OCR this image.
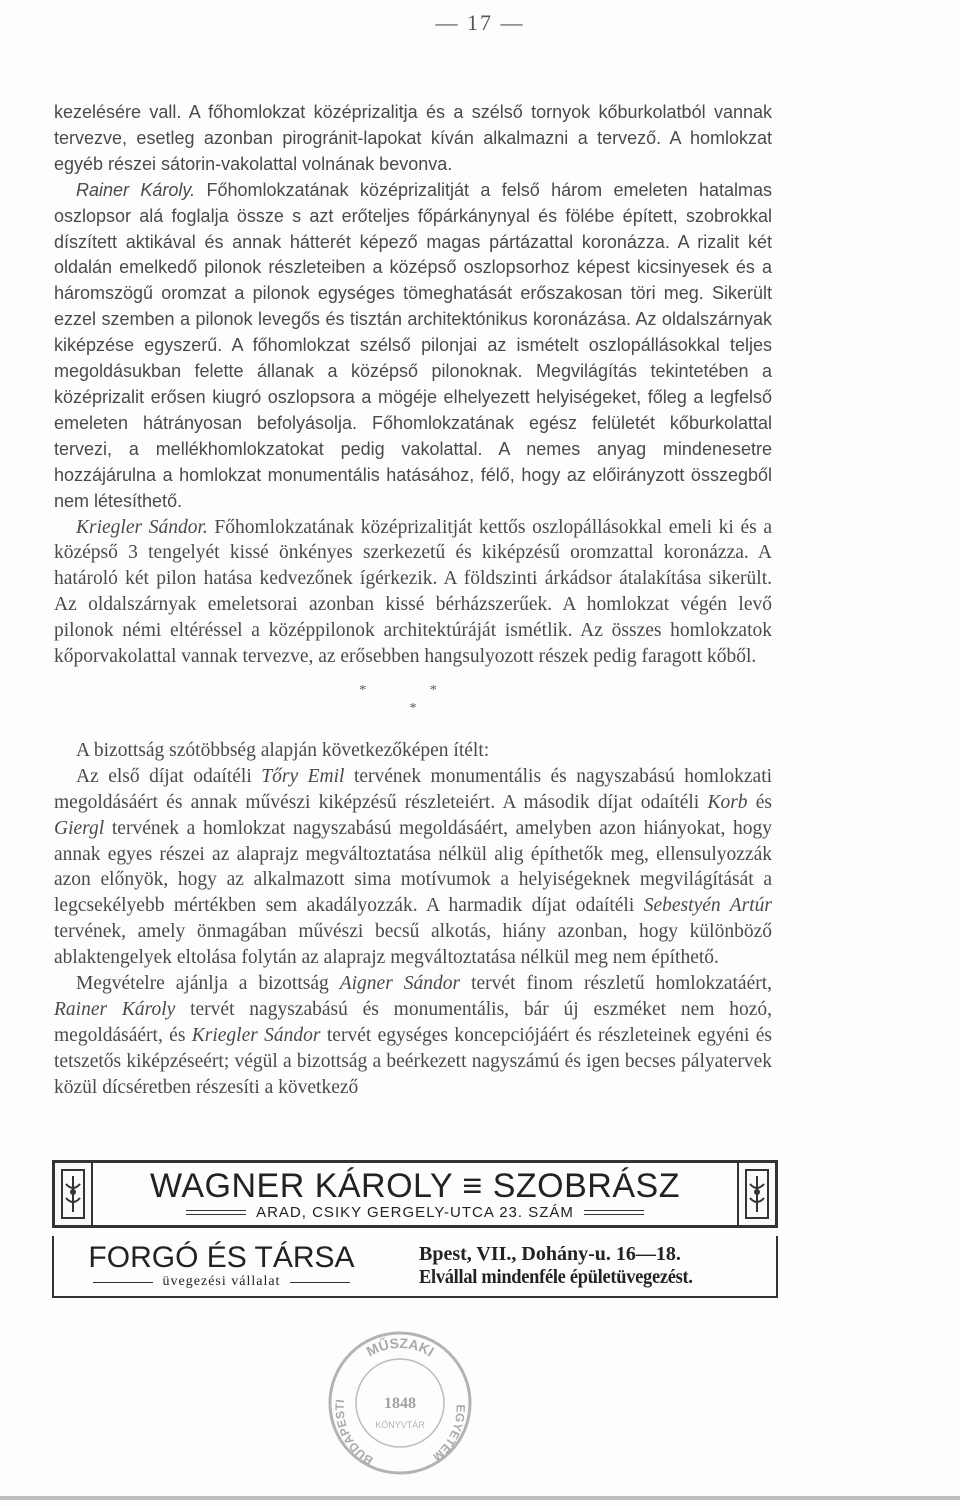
— 17 —

kezelésére vall. A főhomlokzat középrizalitja és a szélső tornyok kőburkolatból vannak tervezve, esetleg azonban pirogránit-lapokat kíván alkalmazni a tervező. A homlokzat egyéb részei sátorin-vakolattal volnának bevonva.

Rainer Károly. Főhomlokzatának középrizalitját a felső három emeleten hatalmas oszlopsor alá foglalja össze s azt erőteljes főpárkánynyal és fölébe épített, szobrokkal díszített aktikával és annak hátterét képező magas pártázattal koronázza. A rizalit két oldalán emelkedő pilonok részleteiben a középső oszlopsorhoz képest kicsinyesek és a háromszögű oromzat a pilonok egységes tömeghatását erőszakosan töri meg. Sikerült ezzel szemben a pilonok levegős és tisztán architektónikus koronázása. Az oldalszárnyak kiképzése egyszerű. A főhomlokzat szélső pilonjai az ismételt oszlopállásokkal teljes megoldásukban felette állanak a középső pilonoknak. Megvilágítás tekintetében a középrizalit erősen kiugró oszlopsora a mögéje elhelyezett helyiségeket, főleg a legfelső emeleten hátrányosan befolyásolja. Főhomlokzatának egész felületét kőburkolattal tervezi, a mellékhomlokzatokat pedig vakolattal. A nemes anyag mindenesetre hozzájárulna a homlokzat monumentális hatásához, félő, hogy az előirányzott összegből nem létesíthető.

Kriegler Sándor. Főhomlokzatának középrizalitját kettős oszlopállásokkal emeli ki és a középső 3 tengelyét kissé önkényes szerkezetű és kiképzésű oromzattal koronázza. A határoló két pilon hatása kedvezőnek ígérkezik. A földszinti árkádsor átalakítása sikerült. Az oldalszárnyak emeletsorai azonban kissé bérházszerűek. A homlokzat végén levő pilonok némi eltéréssel a középpilonok architektúráját ismétlik. Az összes homlokzatok kőporvakolattal vannak tervezve, az erősebben hangsulyozott részek pedig faragott kőből.

* *
*

A bizottság szótöbbség alapján következőképen ítélt:

Az első díjat odaítéli Tőry Emil tervének monumentális és nagyszabású homlokzati megoldásáért és annak művészi kiképzésű részleteiért. A második díjat odaítéli Korb és Giergl tervének a homlokzat nagyszabású megoldásáért, amelyben azon hiányokat, hogy annak egyes részei az alaprajz megváltoztatása nélkül alig építhetők meg, ellensulyozzák azon előnyök, hogy az alkalmazott sima motívumok a helyiségeknek megvilágítását a legcsekélyebb mértékben sem akadályozzák. A harmadik díjat odaítéli Sebestyén Artúr tervének, amely önmagában művészi becsű alkotás, hiány azonban, hogy különböző ablaktengelyek eltolása folytán az alaprajz megváltoztatása nélkül meg nem építhető.

Megvételre ajánlja a bizottság Aigner Sándor tervét finom részletű homlokzatáért, Rainer Károly tervét nagyszabású és monumentális, bár új eszméket nem hozó, megoldásáért, és Kriegler Sándor tervét egységes koncepciójáért és részleteinek egyéni és tetszetős kiképzéseért; végül a bizottság a beérkezett nagyszámú és igen becses pályatervek közül dícséretben részesíti a következő

WAGNER KÁROLY ≡ SZOBRÁSZ
ARAD, CSIKY GERGELY-UTCA 23. SZÁM
FORGÓ ÉS TÁRSA
üvegezési vállalat
Bpest, VII., Dohány-u. 16—18.
Elvállal mindenféle épületüvegezést.
MŰSZAKI
BUDAPESTI
EGYETEM
1848
KÖNYVTÁR
